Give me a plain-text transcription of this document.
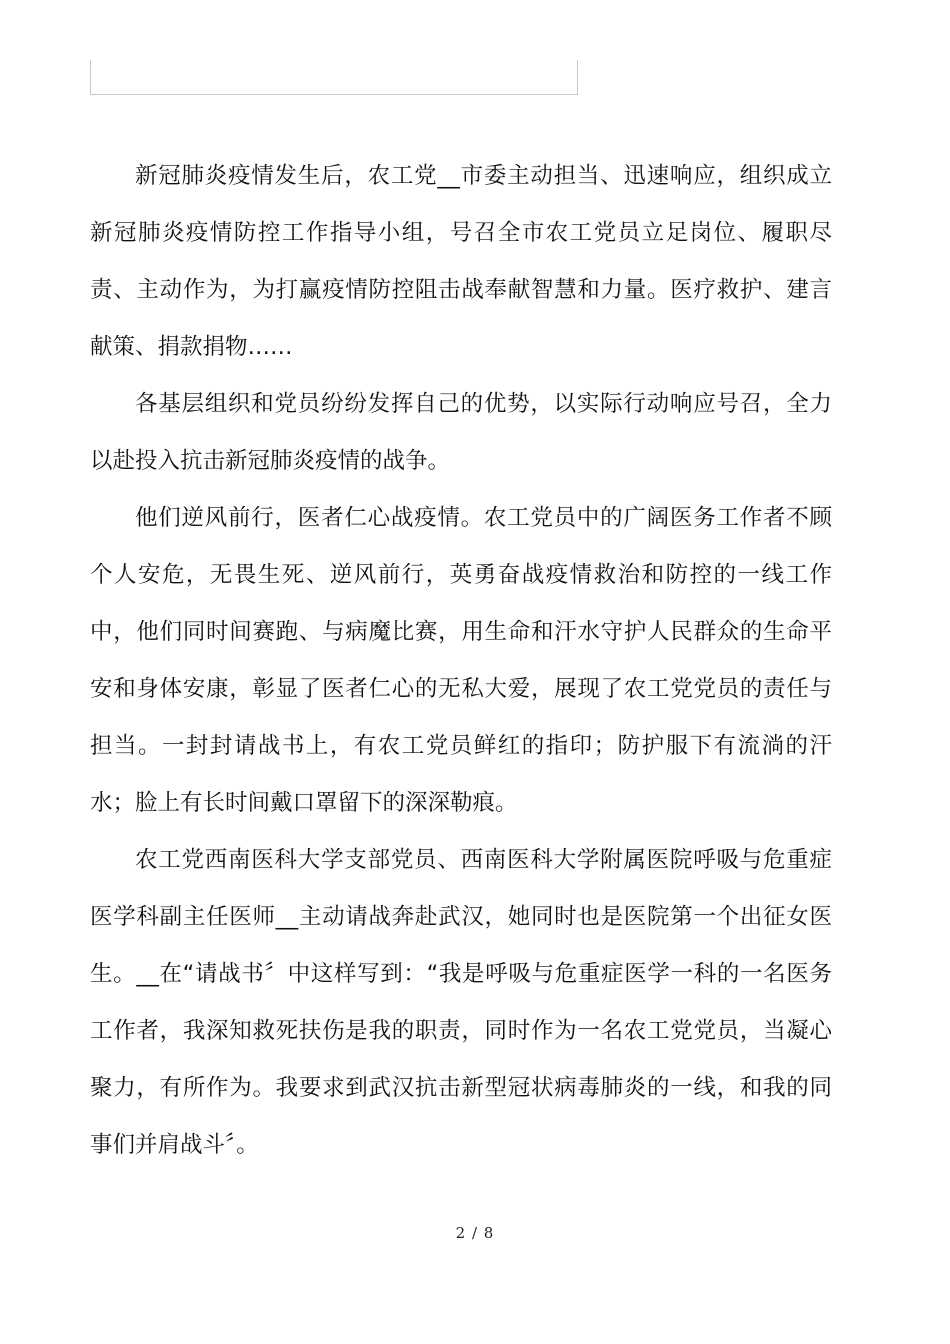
新冠肺炎疫情发生后，农工党__市委主动担当、迅速响应，组织成立新冠肺炎疫情防控工作指导小组，号召全市农工党员立足岗位、履职尽责、主动作为，为打赢疫情防控阻击战奉献智慧和力量。医疗救护、建言献策、捐款捐物……

各基层组织和党员纷纷发挥自己的优势，以实际行动响应号召，全力以赴投入抗击新冠肺炎疫情的战争。

他们逆风前行，医者仁心战疫情。农工党员中的广阔医务工作者不顾个人安危，无畏生死、逆风前行，英勇奋战疫情救治和防控的一线工作中，他们同时间赛跑、与病魔比赛，用生命和汗水守护人民群众的生命平安和身体安康，彰显了医者仁心的无私大爱，展现了农工党党员的责任与担当。一封封请战书上，有农工党员鲜红的指印；防护服下有流淌的汗水；脸上有长时间戴口罩留下的深深勒痕。

农工党西南医科大学支部党员、西南医科大学附属医院呼吸与危重症医学科副主任医师__主动请战奔赴武汉，她同时也是医院第一个出征女医生。__在“请战书〞中这样写到：“我是呼吸与危重症医学一科的一名医务工作者，我深知救死扶伤是我的职责，同时作为一名农工党党员，当凝心聚力，有所作为。我要求到武汉抗击新型冠状病毒肺炎的一线，和我的同事们并肩战斗〞。

2 / 8
